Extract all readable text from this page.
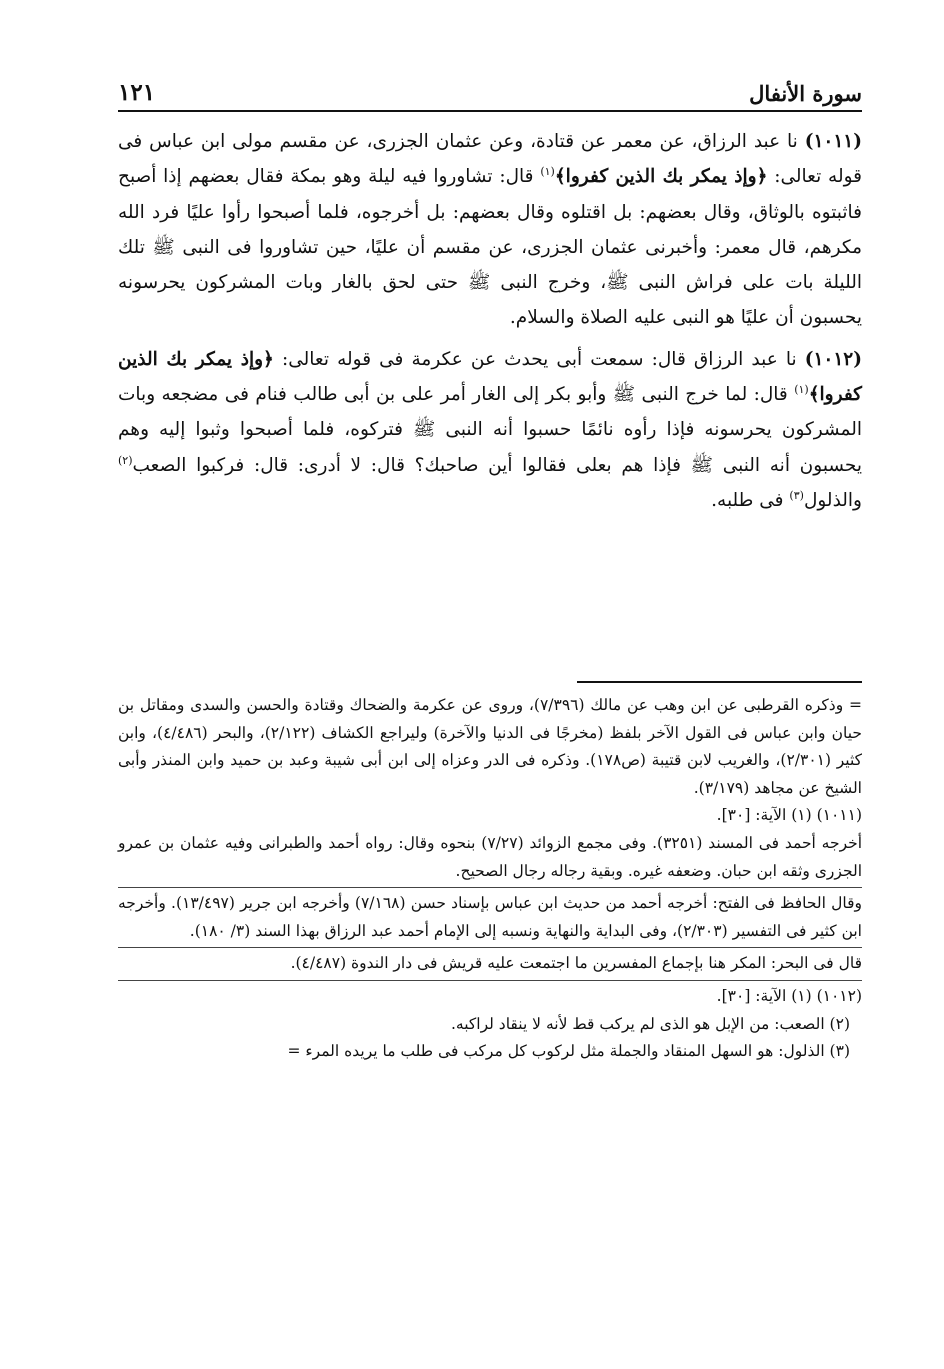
سورة الأنفال
١٢١

(١٠١١) نا عبد الرزاق، عن معمر عن قتادة، وعن عثمان الجزرى، عن مقسم مولى ابن عباس فى قوله تعالى: ﴿وإذ يمكر بك الذين كفروا﴾$^{(١)}$ قال: تشاوروا فيه ليلة وهو بمكة فقال بعضهم إذا أصبح فاثبتوه بالوثاق، وقال بعضهم: بل اقتلوه وقال بعضهم: بل أخرجوه، فلما أصبحوا رأوا عليًا فرد الله مكرهم، قال معمر: وأخبرنى عثمان الجزرى، عن مقسم أن عليًا، حين تشاوروا فى النبى ﷺ تلك الليلة بات على فراش النبى ﷺ، وخرج النبى ﷺ حتى لحق بالغار وبات المشركون يحرسونه يحسبون أن عليًا هو النبى عليه الصلاة والسلام.

(١٠١٢) نا عبد الرزاق قال: سمعت أبى يحدث عن عكرمة فى قوله تعالى: ﴿وإذ يمكر بك الذين كفروا﴾$^{(١)}$ قال: لما خرج النبى ﷺ وأبو بكر إلى الغار أمر على بن أبى طالب فنام فى مضجعه وبات المشركون يحرسونه فإذا رأوه نائمًا حسبوا أنه النبى ﷺ فتركوه، فلما أصبحوا وثبوا إليه وهم يحسبون أنه النبى ﷺ فإذا هم بعلى فقالوا أين صاحبك؟ قال: لا أدرى: قال: فركبوا الصعب$^{(٢)}$ والذلول$^{(٣)}$ فى طلبه.

= وذكره القرطبى عن ابن وهب عن مالك (٧/٣٩٦)، وروى عن عكرمة والضحاك وقتادة والحسن والسدى ومقاتل بن حيان وابن عباس فى القول الآخر بلفظ (مخرجًا فى الدنيا والآخرة) وليراجع الكشاف (٢/١٢٢)، والبحر (٤/٤٨٦)، وابن كثير (٢/٣٠١)، والغريب لابن قتيبة (ص١٧٨). وذكره فى الدر وعزاه إلى ابن أبى شيبة وعبد بن حميد وابن المنذر وأبى الشيخ عن مجاهد (٣/١٧٩).

(١٠١١) (١) الآية: [٣٠].

أخرجه أحمد فى المسند (٣٢٥١). وفى مجمع الزوائد (٧/٢٧) بنحوه وقال: رواه أحمد والطبرانى وفيه عثمان بن عمرو الجزرى وثقه ابن حبان. وضعفه غيره. وبقية رجاله رجال الصحيح.

وقال الحافظ فى الفتح: أخرجه أحمد من حديث ابن عباس بإسناد حسن (٧/١٦٨) وأخرجه ابن جرير (١٣/٤٩٧). وأخرجه ابن كثير فى التفسير (٢/٣٠٣)، وفى البداية والنهاية ونسبه إلى الإمام أحمد عبد الرزاق بهذا السند (٣/ ١٨٠).

قال فى البحر: المكر هنا بإجماع المفسرين ما اجتمعت عليه قريش فى دار الندوة (٤/٤٨٧).

(١٠١٢) (١) الآية: [٣٠].

(٢) الصعب: من الإبل هو الذى لم يركب قط لأنه لا ينقاد لراكبه.

(٣) الذلول: هو السهل المنقاد والجملة مثل لركوب كل مركب فى طلب ما يريده المرء =
